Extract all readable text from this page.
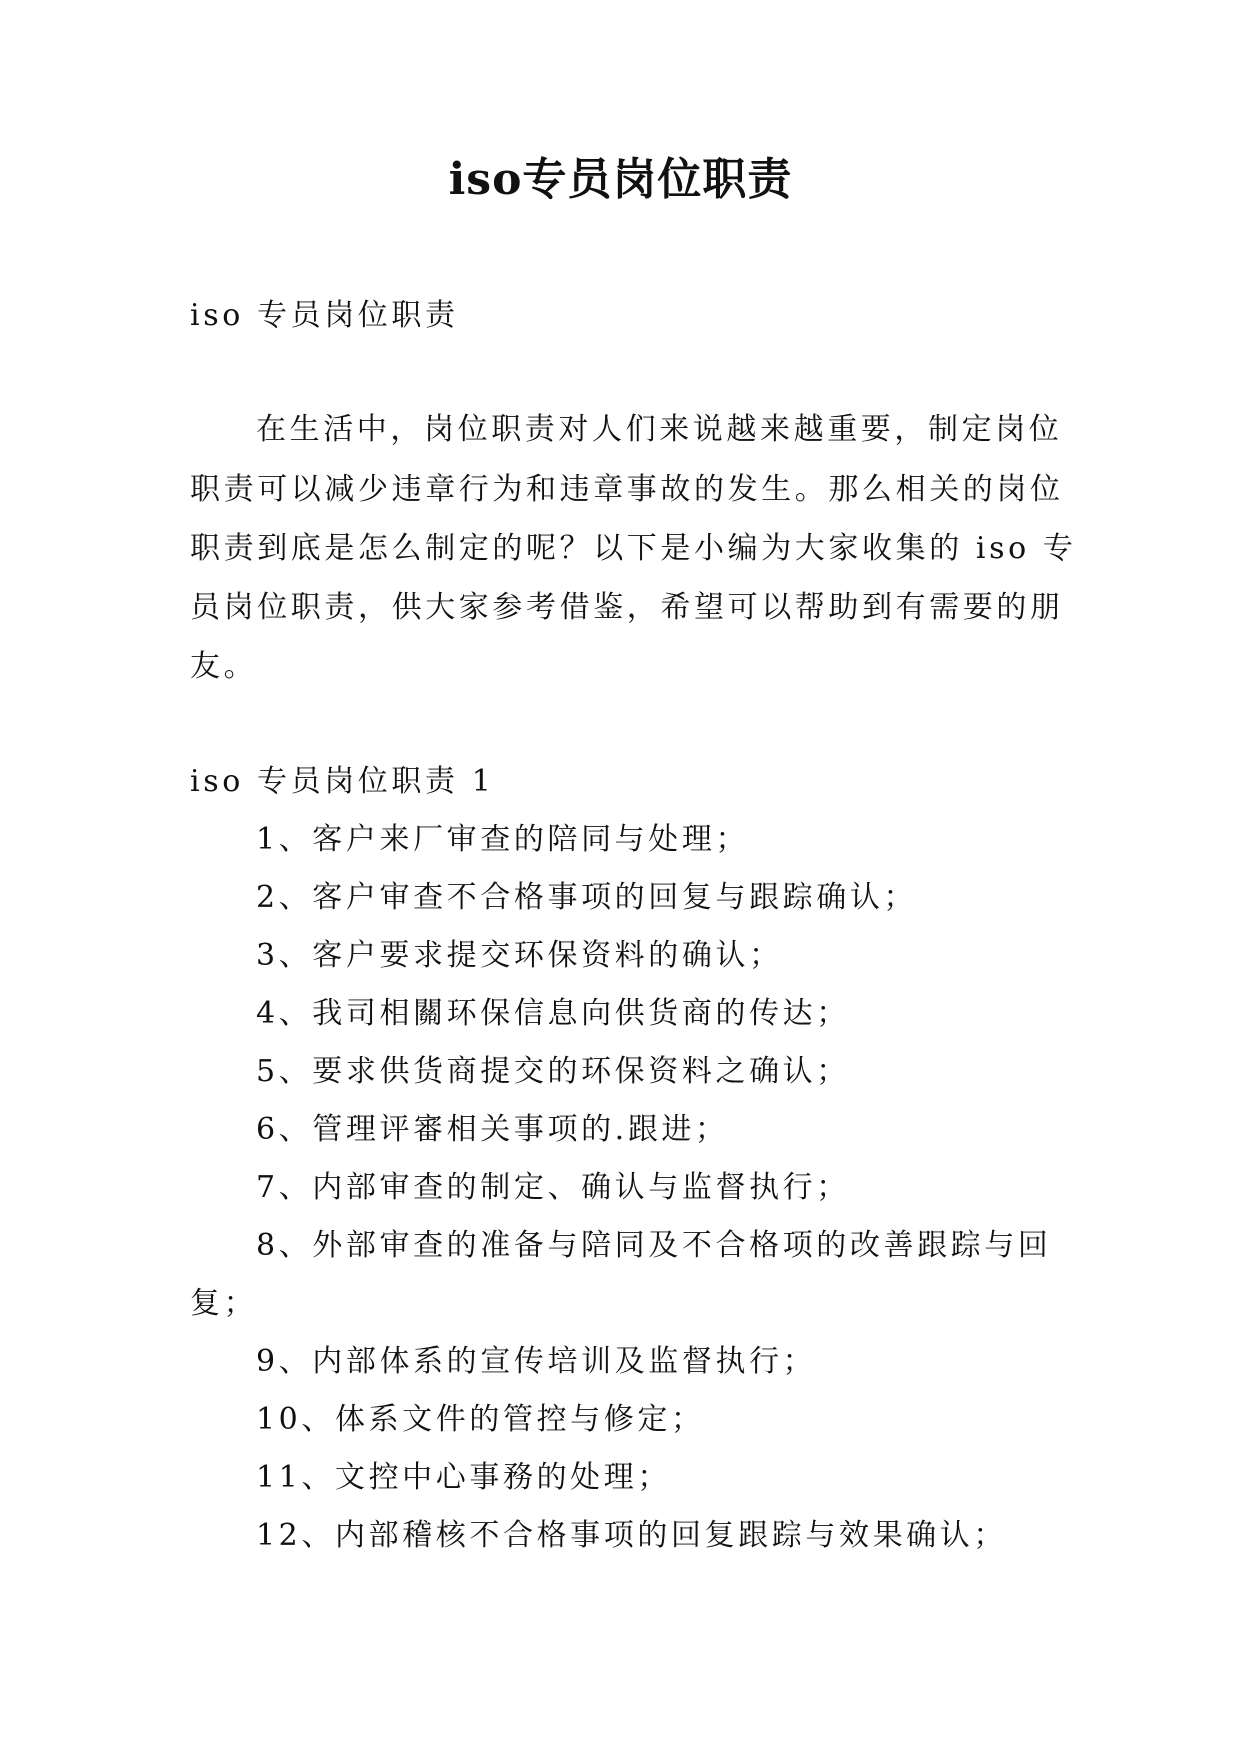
iso专员岗位职责
iso 专员岗位职责
在生活中，岗位职责对人们来说越来越重要，制定岗位
职责可以减少违章行为和违章事故的发生。那么相关的岗位
职责到底是怎么制定的呢？以下是小编为大家收集的 iso 专
员岗位职责，供大家参考借鉴，希望可以帮助到有需要的朋
友。
iso 专员岗位职责 1
1、客户来厂审查的陪同与处理；
2、客户审查不合格事项的回复与跟踪确认；
3、客户要求提交环保资料的确认；
4、我司相關环保信息向供货商的传达；
5、要求供货商提交的环保资料之确认；
6、管理评審相关事项的.跟进；
7、内部审查的制定、确认与监督执行；
8、外部审查的准备与陪同及不合格项的改善跟踪与回
复；
9、内部体系的宣传培训及监督执行；
10、体系文件的管控与修定；
11、文控中心事務的处理；
12、内部稽核不合格事项的回复跟踪与效果确认；
